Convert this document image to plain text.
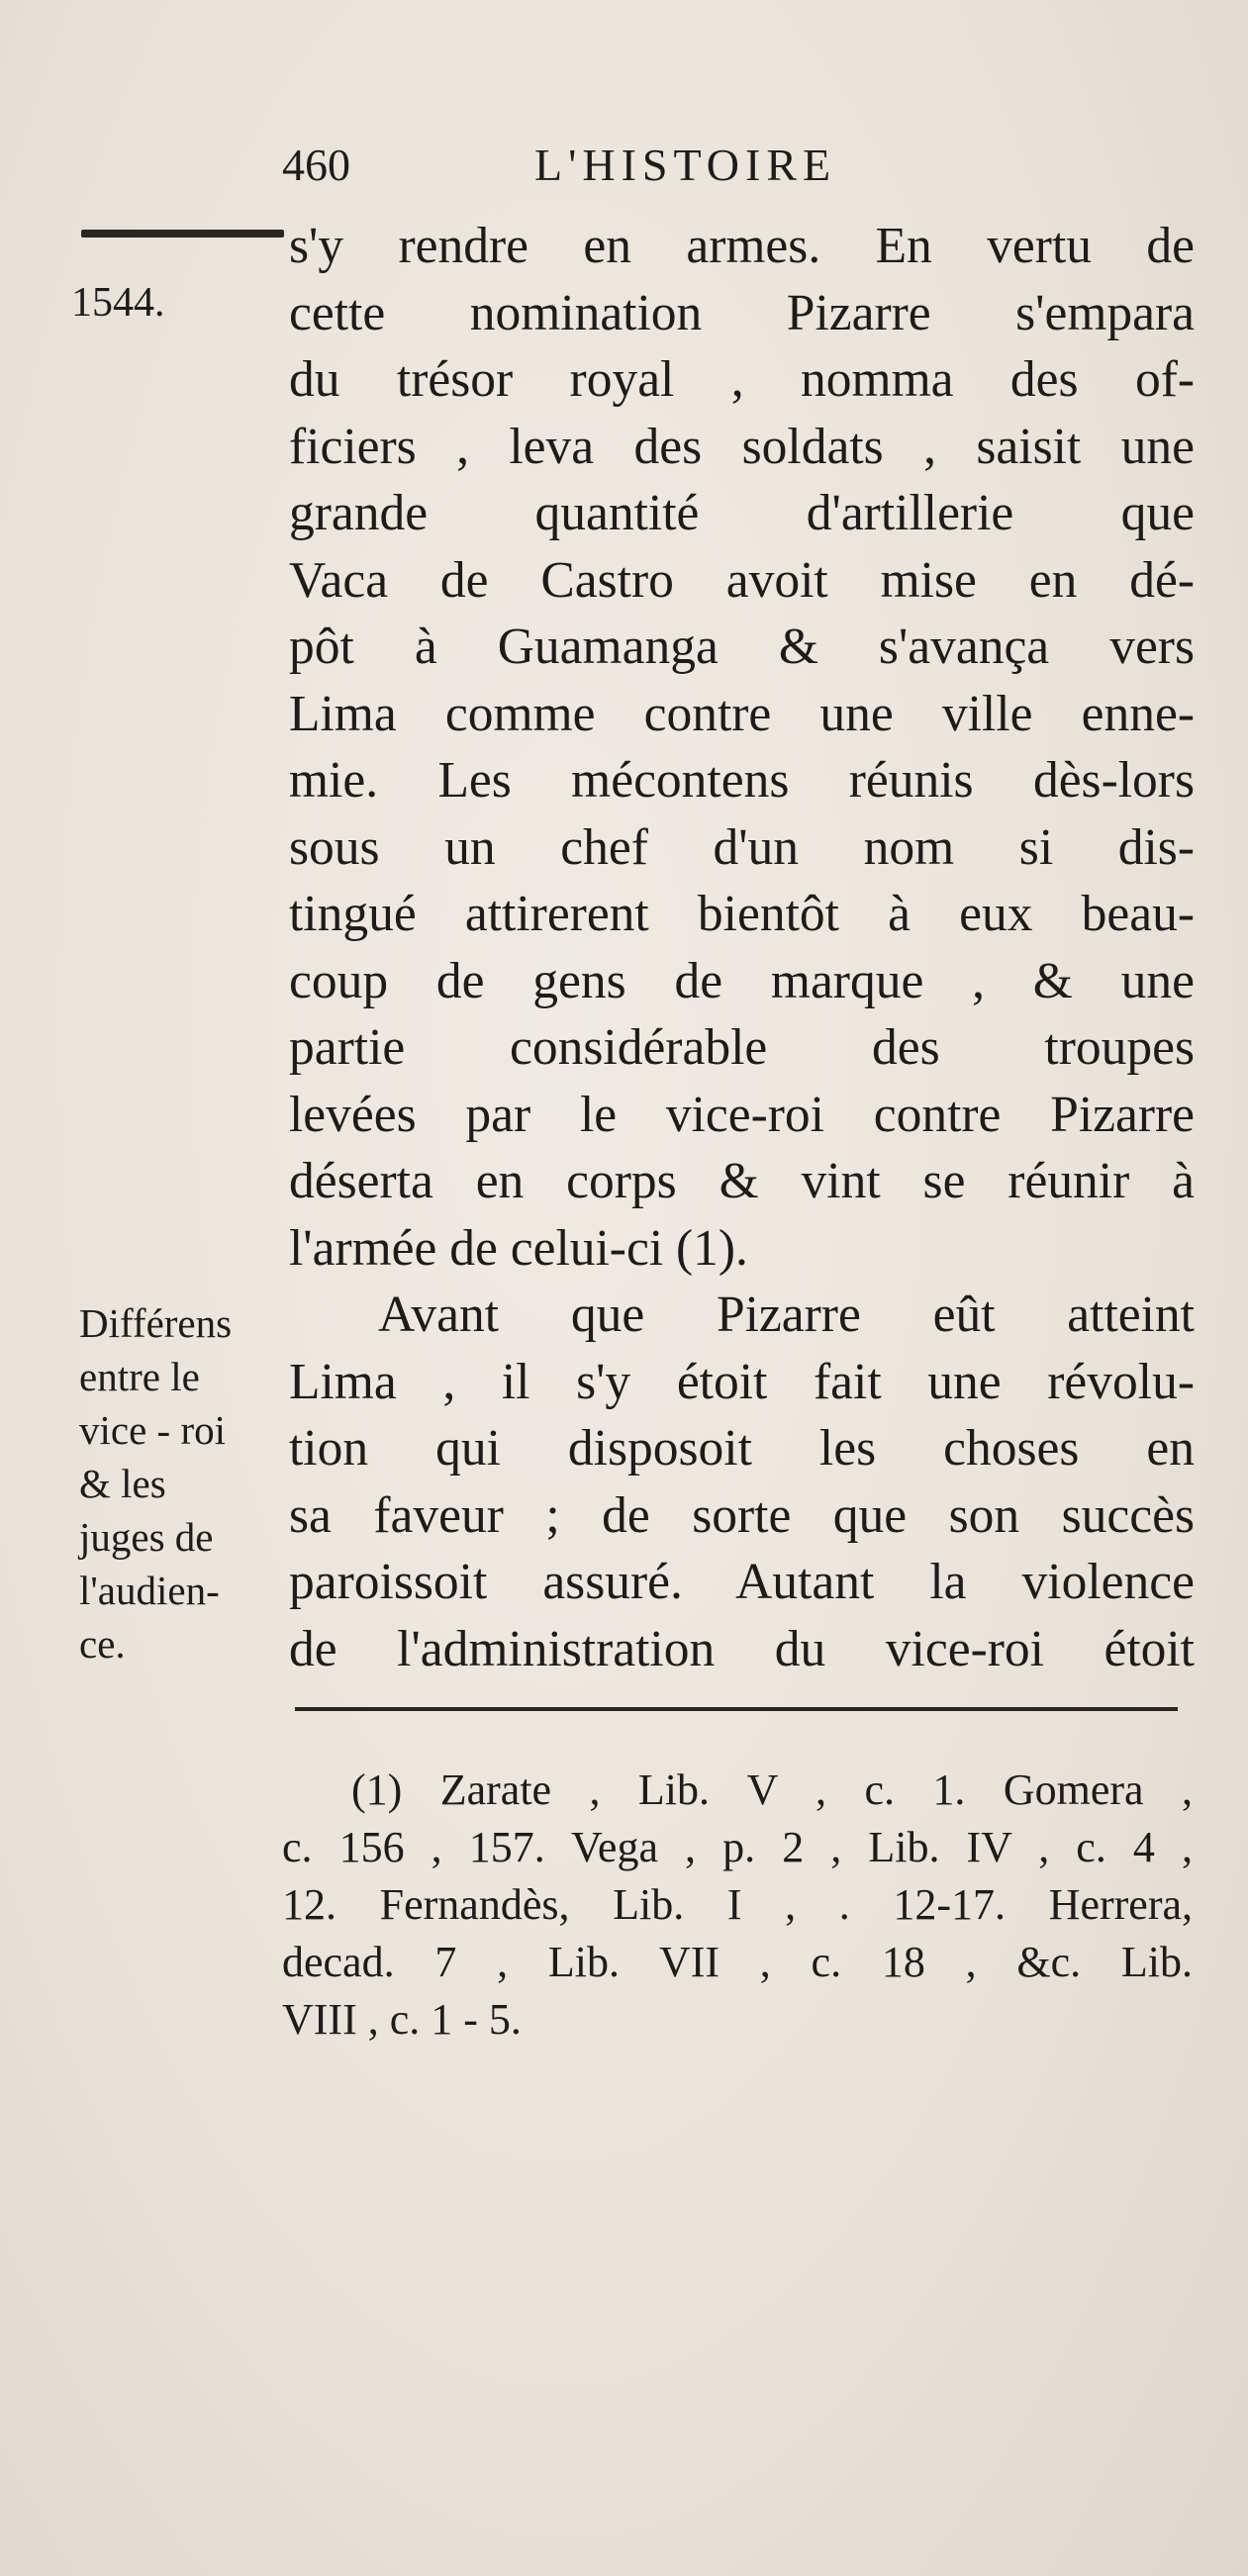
460	L'HISTOIRE
1544.
s'y rendre en armes. En vertu de
cette nomination Pizarre s'empara
du trésor royal , nomma des of-
ficiers , leva des soldats , saisit une
grande quantité d'artillerie que
Vaca de Castro avoit mise en dé-
pôt à Guamanga & s'avança vers
Lima comme contre une ville enne-
mie. Les mécontens réunis dès-lors
sous un chef d'un nom si dis-
tingué attirerent bientôt à eux beau-
coup de gens de marque , & une
partie considérable des troupes
levées par le vice-roi contre Pizarre
déserta en corps & vint se réunir à
l'armée de celui-ci (1).
Avant que Pizarre eût atteint
Lima , il s'y étoit fait une révolu-
tion qui disposoit les choses en
sa faveur ; de sorte que son succès
paroissoit assuré. Autant la violence
de l'administration du vice-roi étoit
Différens
entre le
vice - roi
& les
juges de
l'audien-
ce.
(1) Zarate , Lib. V , c. 1. Gomera ,
c. 156 , 157. Vega , p. 2 , Lib. IV , c. 4 ,
12. Fernandès, Lib. I , . 12-17. Herrera,
decad. 7 , Lib. VII , c. 18 , &c. Lib.
VIII , c. 1 - 5.
